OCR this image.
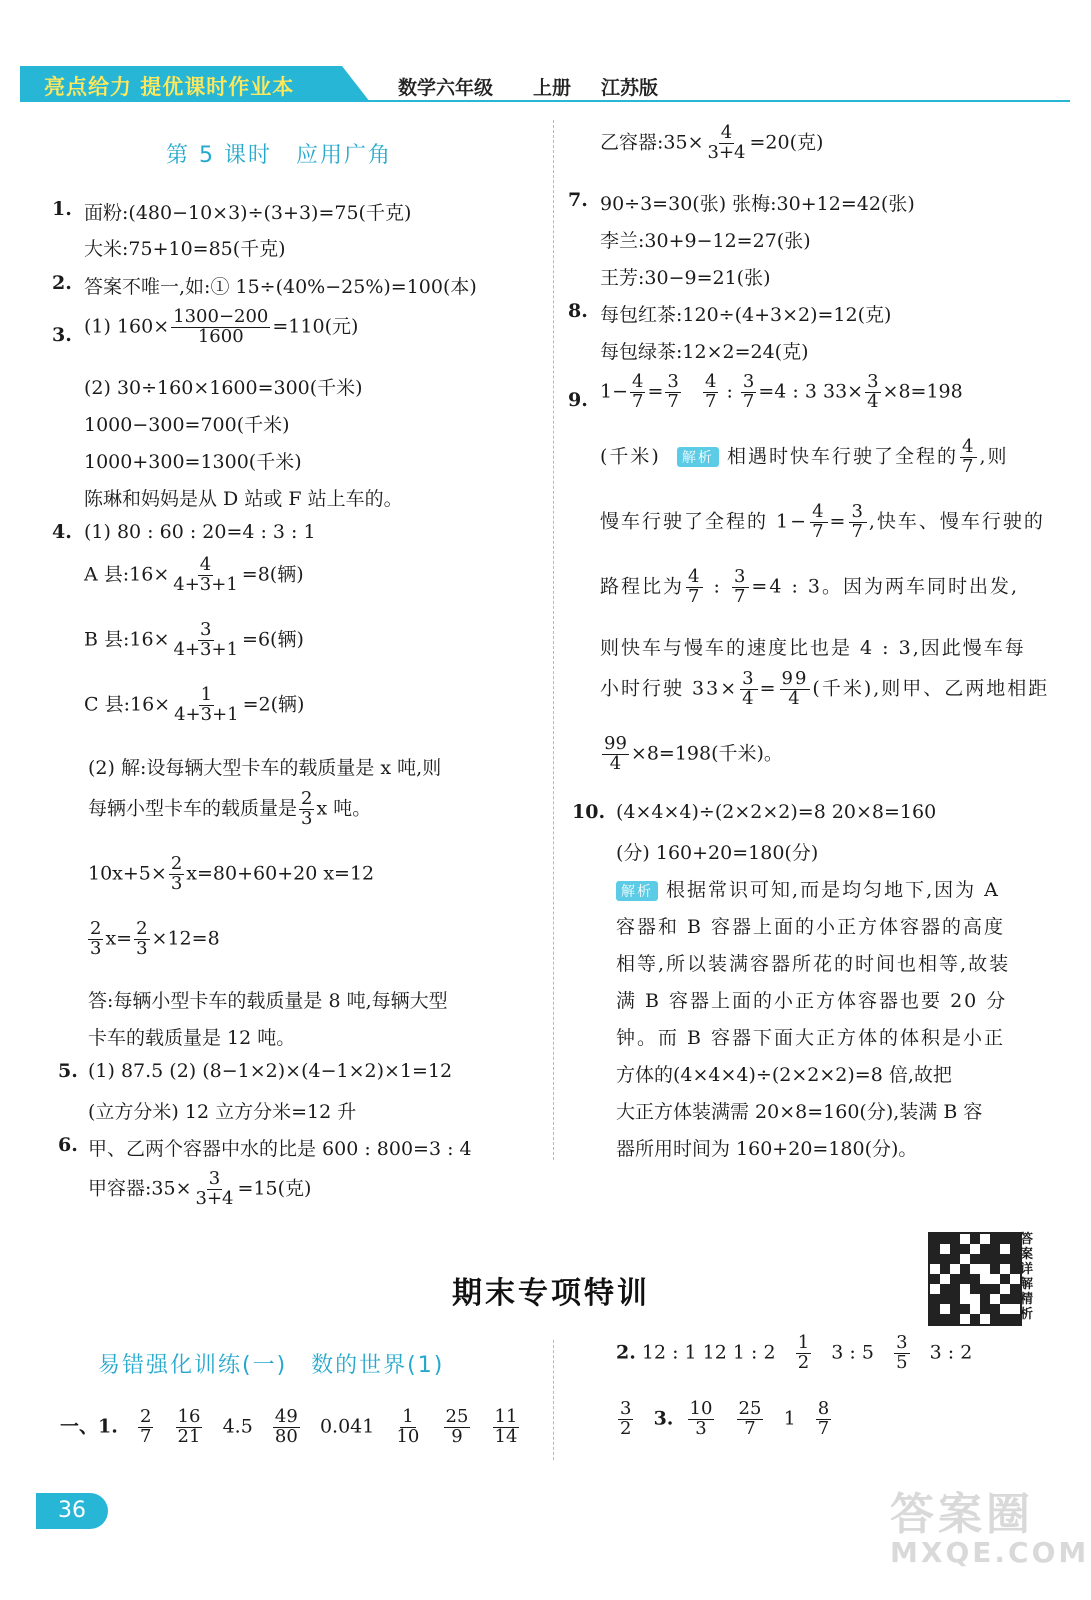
亮点给力 提优课时作业本	数学六年级 上册 江苏版
第 5 课时　应用广角
1. 面粉:(480−10×3)÷(3+3)=75(千克)
大米:75+10=85(千克)
2. 答案不唯一,如:① 15÷(40%−25%)=100(本)
3. (1) $160\times \frac{1300-200}{1600} =110$(元)
(2) 30÷160×1600=300(千米)
1000−300=700(千米)
1000+300=1300(千米)
陈琳和妈妈是从 D 站或 F 站上车的。
4. (1) 80 : 60 : 20=4 : 3 : 1
A 县:16× $\frac{4}{4+3+1} =8$(辆)
B 县:16× $\frac{3}{4+3+1} =6$(辆)
C 县:16× $\frac{1}{4+3+1} =2$(辆)
(2) 解:设每辆大型卡车的载质量是 x 吨,则
每辆小型卡车的载质量是 $\frac{2}{3}$ x 吨。
$10x+5\times \frac{2}{3} x=80+60+20$ x=12
$\frac{2}{3} x= \frac{2}{3} \times 12=8$
答:每辆小型卡车的载质量是 8 吨,每辆大型
卡车的载质量是 12 吨。
5. (1) 87.5 (2) (8−1×2)×(4−1×2)×1=12
(立方分米) 12 立方分米=12 升
6. 甲、乙两个容器中水的比是 600 : 800=3 : 4
甲容器:35× $\frac{3}{3+4} =15$(克)
乙容器:35× $\frac{4}{3+4} =20$(克)
7. 90÷3=30(张) 张梅:30+12=42(张)
李兰:30+9−12=27(张)
王芳:30−9=21(张)
8. 每包红茶:120÷(4+3×2)=12(克)
每包绿茶:12×2=24(克)
9. $1- \frac{4}{7} = \frac{3}{7}$
$\frac{4}{7}$ : $\frac{3}{7} =4$ : 3 $33\times \frac{3}{4} \times 8=198$
(千米) 解析 相遇时快车行驶了全程的 $\frac{4}{7}$ ,则
慢车行驶了全程的 $1- \frac{4}{7} = \frac{3}{7}$ ,快车、慢车行驶的
路程比为 $\frac{4}{7}$ : $\frac{3}{7} =4$ : 3。因为两车同时出发,
则快车与慢车的速度比也是 4 : 3,因此慢车每
小时行驶 $33\times \frac{3}{4} = \frac{99}{4}$ (千米),则甲、乙两地相距
$\frac{99}{4} \times 8=198$(千米)。
10. (4×4×4)÷(2×2×2)=8 20×8=160
(分) 160+20=180(分)
解析 根据常识可知,而是均匀地下,因为 A
容器和 B 容器上面的小正方体容器的高度
相等,所以装满容器所花的时间也相等,故装
满 B 容器上面的小正方体容器也要 20 分
钟。而 B 容器下面大正方体的体积是小正
方体的(4×4×4)÷(2×2×2)=8 倍,故把
大正方体装满需 20×8=160(分),装满 B 容
器所用时间为 160+20=180(分)。
期末专项特训
答案详解精析
易错强化训练(一)　数的世界(1)
一、1. $\frac{2}{7}$
$\frac{16}{21} 4.5 \frac{49}{80} 0.041 \frac{1}{10}$
$\frac{25}{9}$
$\frac{11}{14}$
2. 12 : 1 12 1 : $2 \frac{1}{2} 3$ : $5 \frac{3}{5} 3$ : 2
$\frac{3}{2} 3$. $\frac{10}{3}$
$\frac{25}{7} 1 \frac{8}{7}$
36	答案圈
MXQE.COM
